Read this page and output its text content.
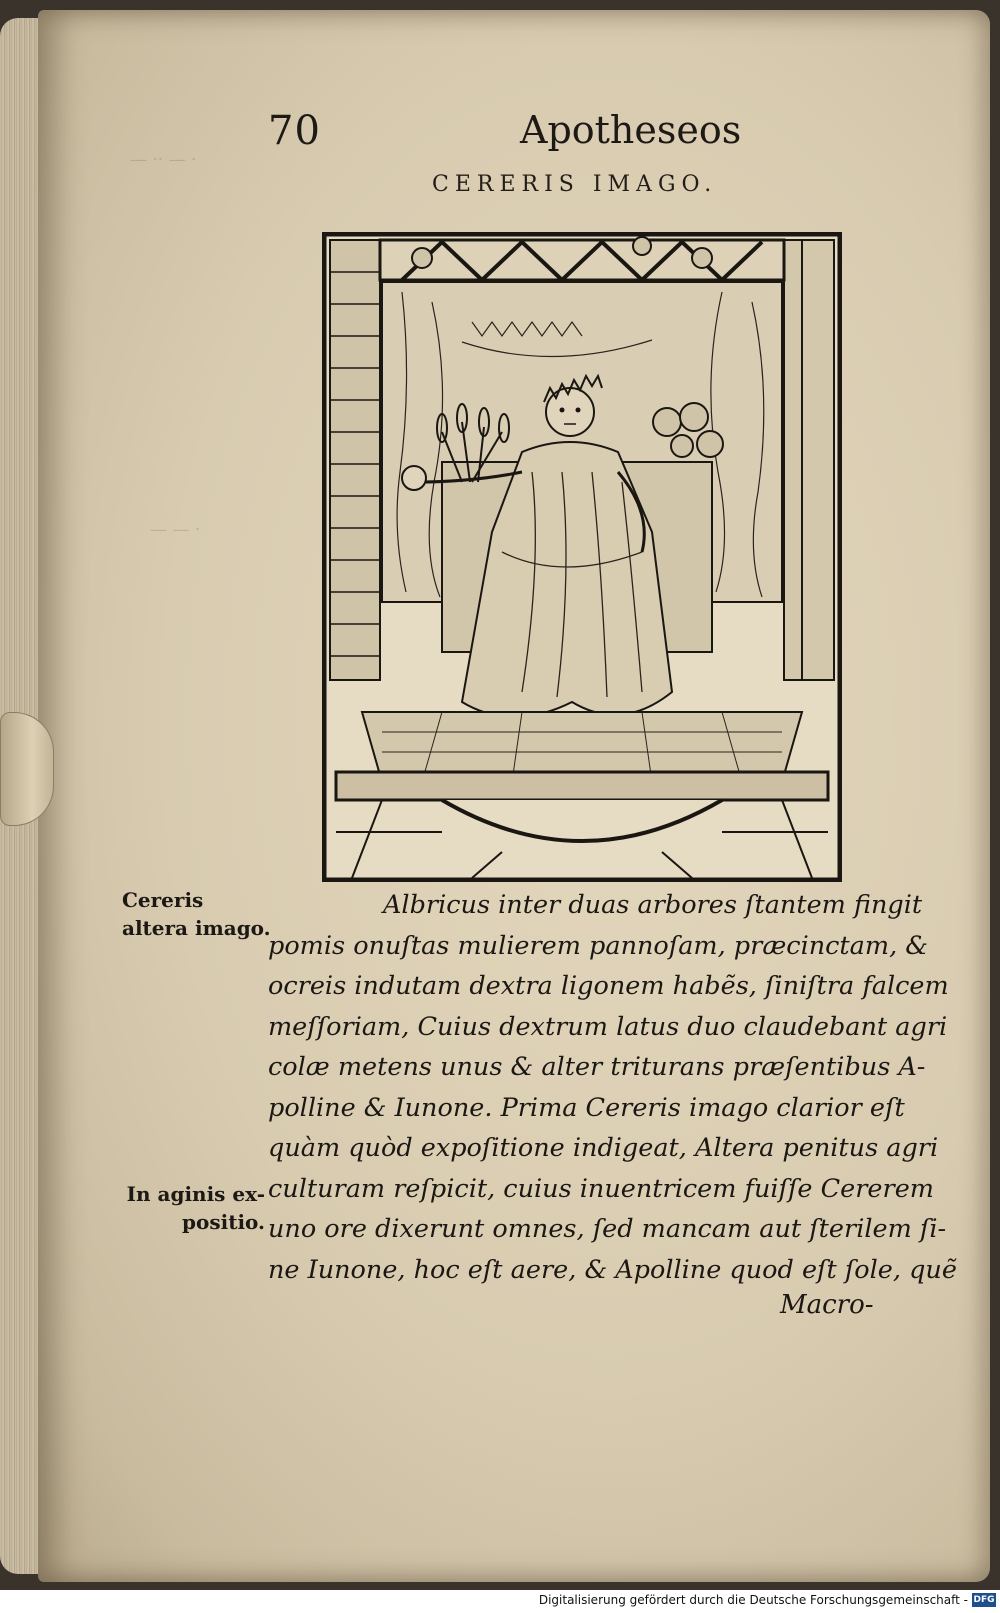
— ·· — ·
— — ·
70	Apotheseos
CERERIS IMAGO.
Cereris altera imago.
In aginis ex-positio.
Albricus inter duas arbores ſtantem fingit
pomis onuſtas mulierem pannoſam, præcinctam, &
ocreis indutam dextra ligonem habẽs, ſiniſtra falcem
meſſoriam, Cuius dextrum latus duo claudebant agri
colæ metens unus & alter triturans præſentibus A-
polline & Iunone. Prima Cereris imago clarior eſt
quàm quòd expoſitione indigeat, Altera penitus agri
culturam reſpicit, cuius inuentricem fuiſſe Cererem
uno ore dixerunt omnes, ſed mancam aut ſterilem ſi-
ne Iunone, hoc eſt aere, & Apolline quod eſt ſole, quẽ
Macro-
Digitalisierung gefördert durch die Deutsche Forschungsgemeinschaft - DFG
